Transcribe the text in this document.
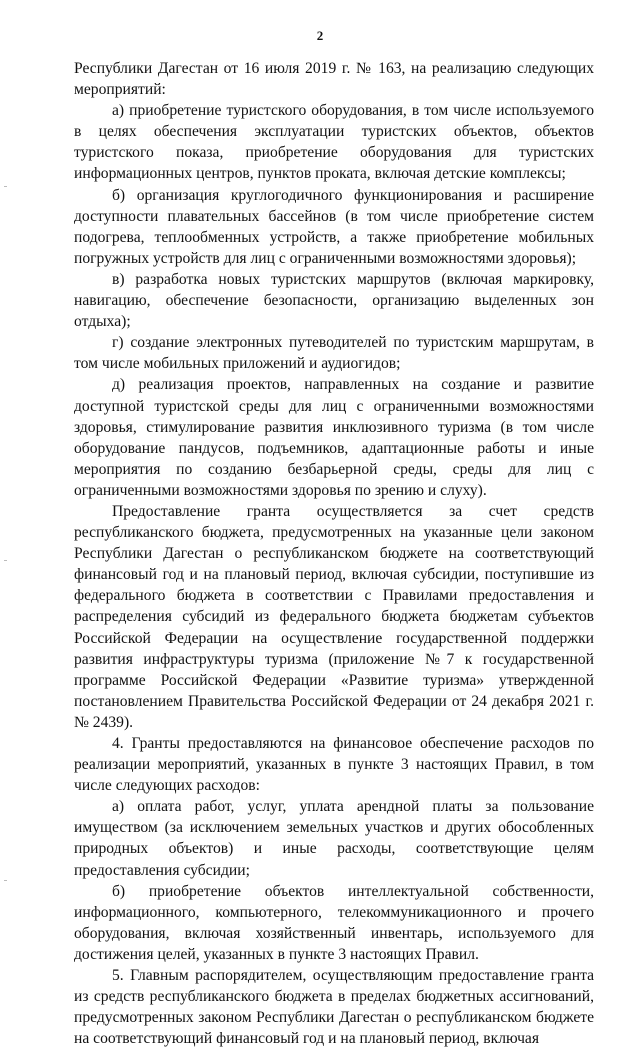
2

Республики Дагестан от 16 июля 2019 г. № 163, на реализацию следующих мероприятий:

а) приобретение туристского оборудования, в том числе используемого в целях обеспечения эксплуатации туристских объектов, объектов туристского показа, приобретение оборудования для туристских информационных центров, пунктов проката, включая детские комплексы;

б) организация круглогодичного функционирования и расширение доступности плавательных бассейнов (в том числе приобретение систем подогрева, теплообменных устройств, а также приобретение мобильных погружных устройств для лиц с ограниченными возможностями здоровья);

в) разработка новых туристских маршрутов (включая маркировку, навигацию, обеспечение безопасности, организацию выделенных зон отдыха);

г) создание электронных путеводителей по туристским маршрутам, в том числе мобильных приложений и аудиогидов;

д) реализация проектов, направленных на создание и развитие доступной туристской среды для лиц с ограниченными возможностями здоровья, стимулирование развития инклюзивного туризма (в том числе оборудование пандусов, подъемников, адаптационные работы и иные мероприятия по созданию безбарьерной среды, среды для лиц с ограниченными возможностями здоровья по зрению и слуху).

Предоставление гранта осуществляется за счет средств республиканского бюджета, предусмотренных на указанные цели законом Республики Дагестан о республиканском бюджете на соответствующий финансовый год и на плановый период, включая субсидии, поступившие из федерального бюджета в соответствии с Правилами предоставления и распределения субсидий из федерального бюджета бюджетам субъектов Российской Федерации на осуществление государственной поддержки развития инфраструктуры туризма (приложение №7 к государственной программе Российской Федерации «Развитие туризма» утвержденной постановлением Правительства Российской Федерации от 24 декабря 2021 г. № 2439).

4. Гранты предоставляются на финансовое обеспечение расходов по реализации мероприятий, указанных в пункте 3 настоящих Правил, в том числе следующих расходов:

а) оплата работ, услуг, уплата арендной платы за пользование имуществом (за исключением земельных участков и других обособленных природных объектов) и иные расходы, соответствующие целям предоставления субсидии;

б) приобретение объектов интеллектуальной собственности, информационного, компьютерного, телекоммуникационного и прочего оборудования, включая хозяйственный инвентарь, используемого для достижения целей, указанных в пункте 3 настоящих Правил.

5. Главным распорядителем, осуществляющим предоставление гранта из средств республиканского бюджета в пределах бюджетных ассигнований, предусмотренных законом Республики Дагестан о республиканском бюджете на соответствующий финансовый год и на плановый период, включая
